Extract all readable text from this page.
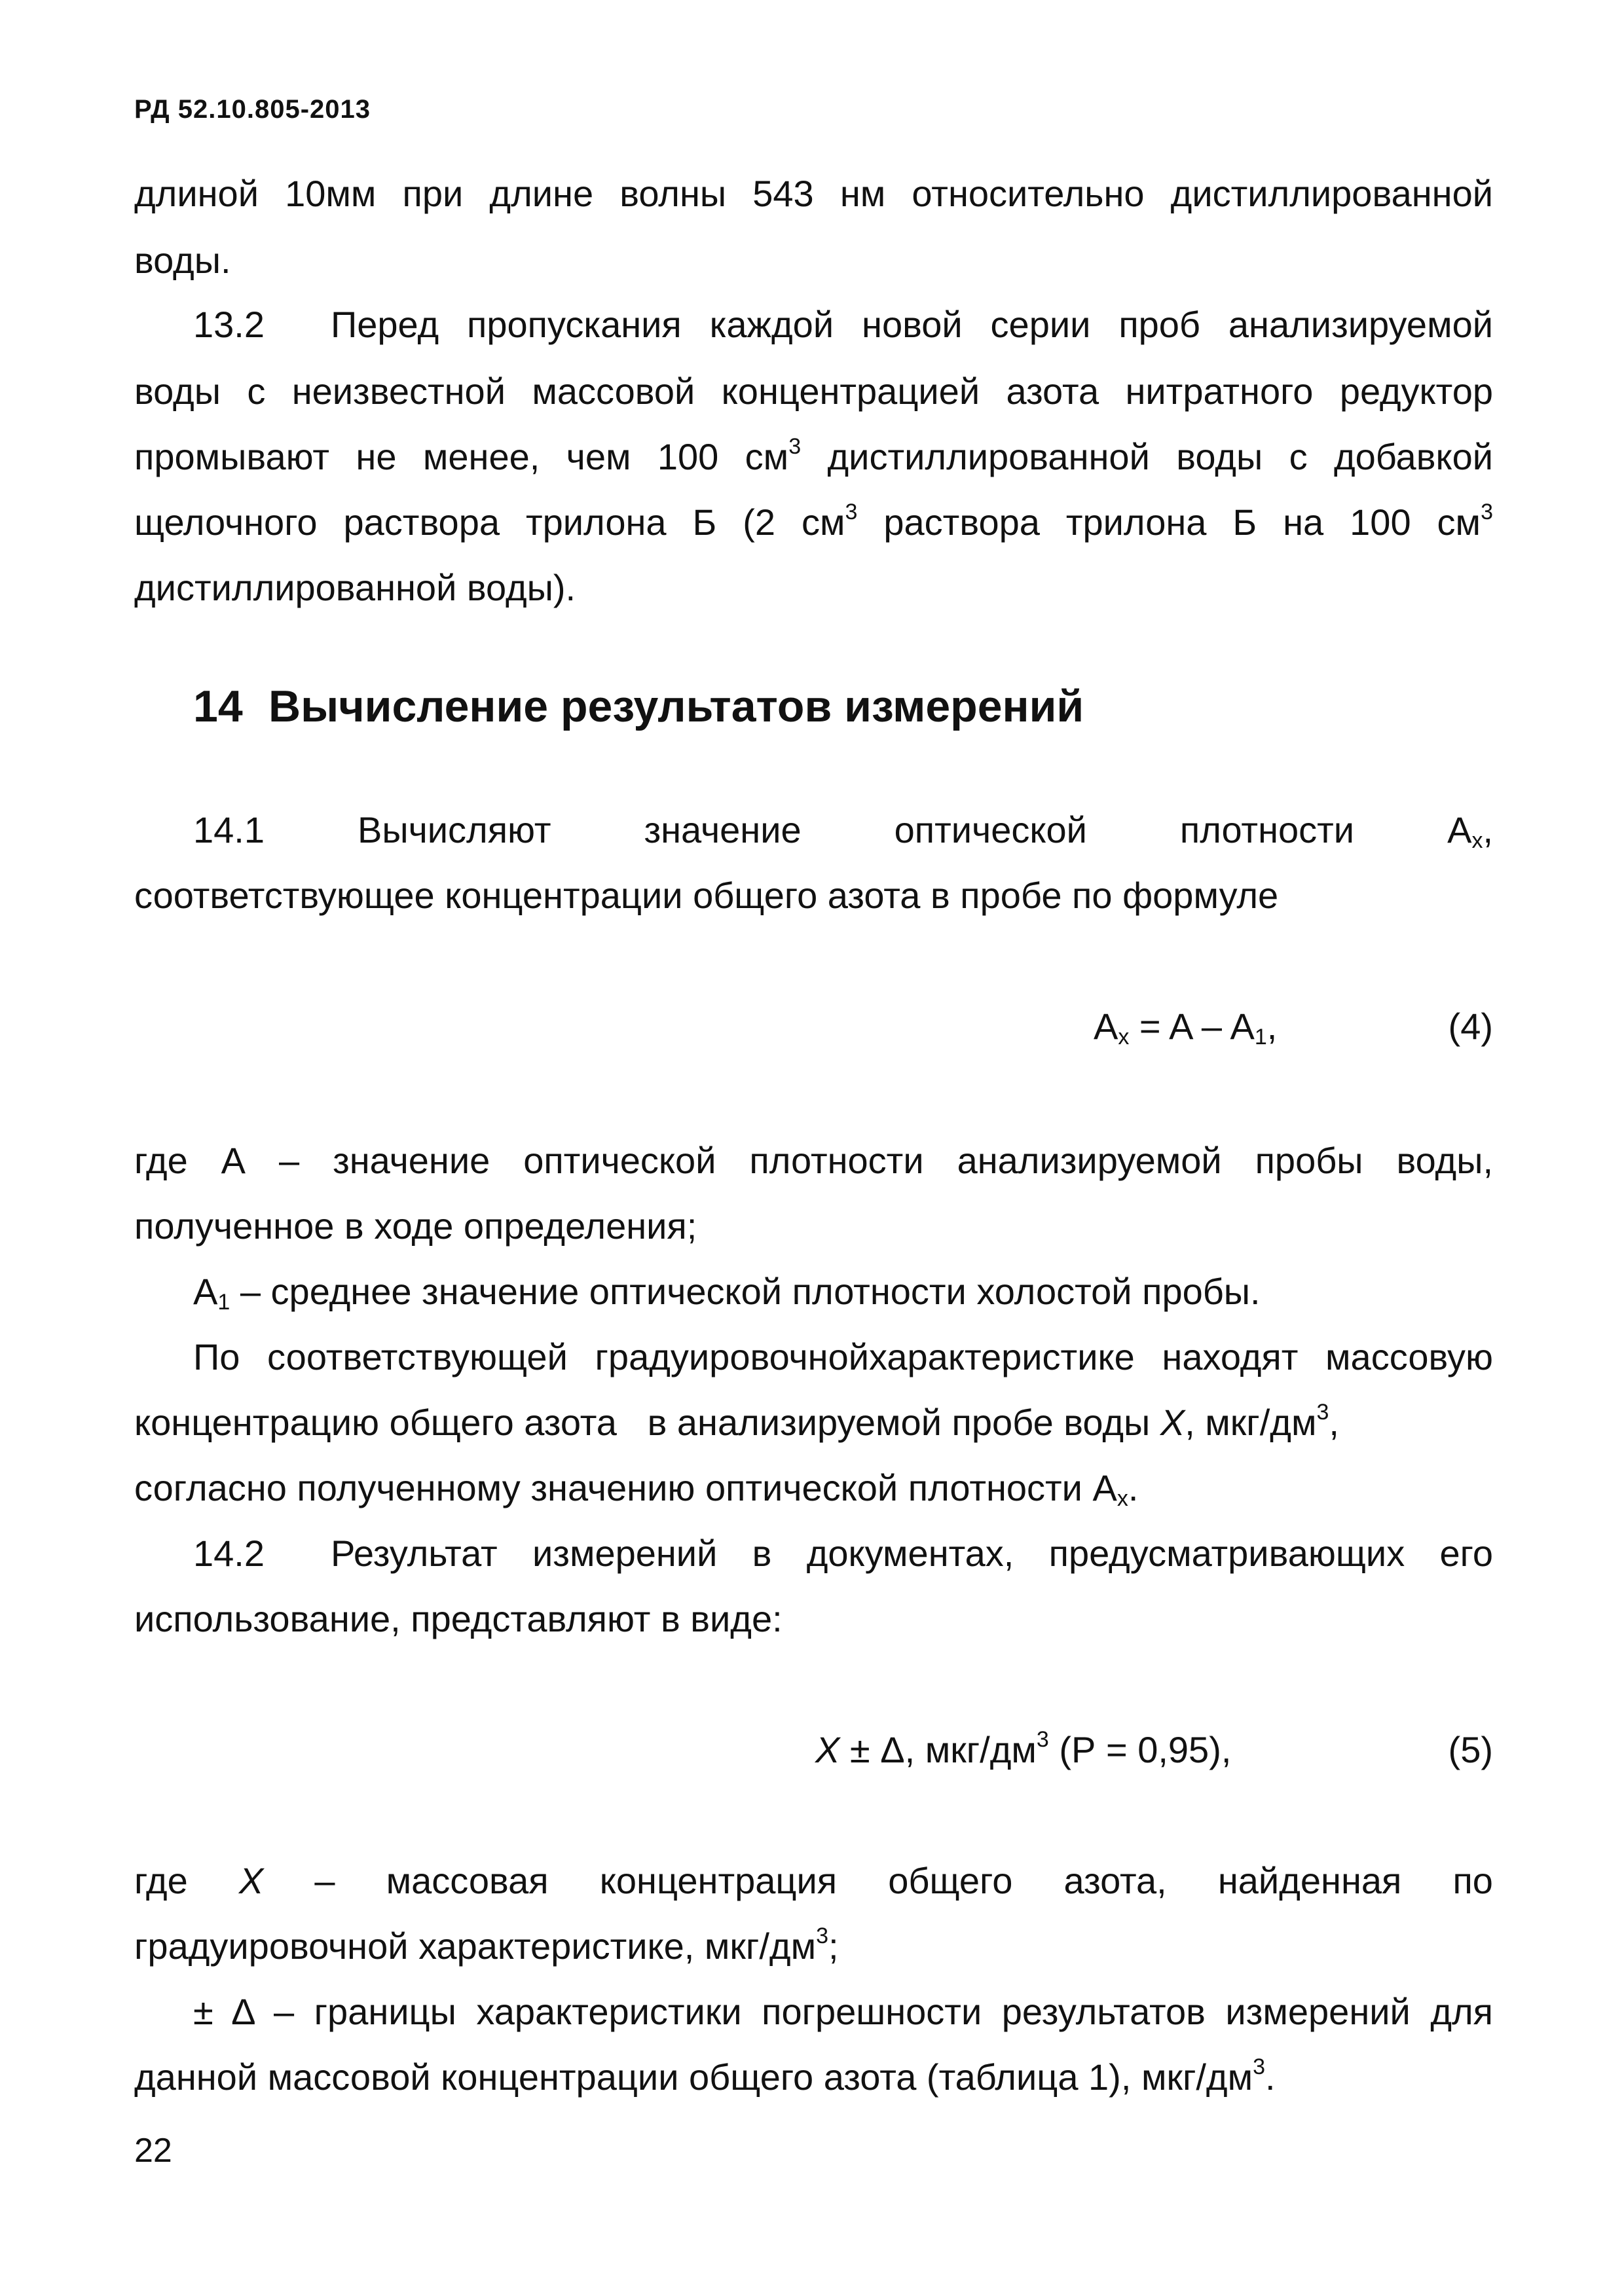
РД 52.10.805-2013
длиной 10мм при длине волны 543 нм относительно дистиллированной
воды.
13.2 Перед пропускания каждой новой серии проб анализируемой
воды с неизвестной массовой концентрацией азота нитратного редуктор
промывают не менее, чем 100 $см^3$ дистиллированной воды с добавкой
щелочного раствора трилона Б (2 $см^3$ раствора трилона Б на 100 $см^3$
дистиллированной воды).
14 Вычисление результатов измерений
14.1	Вычисляют	значение	оптической	плотности	$A_x$,
соответствующее концентрации общего азота в пробе по формуле
$A_x = A - A_1$,	(4)
где А – значение оптической плотности анализируемой пробы воды,
полученное в ходе определения;
$А_1$ – среднее значение оптической плотности холостой пробы.
По соответствующей градуировочнойхарактеристике находят массовую
концентрацию общего азота   в анализируемой пробе воды X, мкг/$дм^3$,
согласно полученному значению оптической плотности $А_x$.
14.2 Результат измерений в документах, предусматривающих его
использование, представляют в виде:
X ± Δ, мкг/$дм^3$ (Р = 0,95),	(5)
где X – массовая концентрация общего азота, найденная по
градуировочной характеристике, мкг/$дм^3$;
± Δ – границы характеристики погрешности результатов измерений для
данной массовой концентрации общего азота (таблица 1), мкг/$дм^3$.
22
